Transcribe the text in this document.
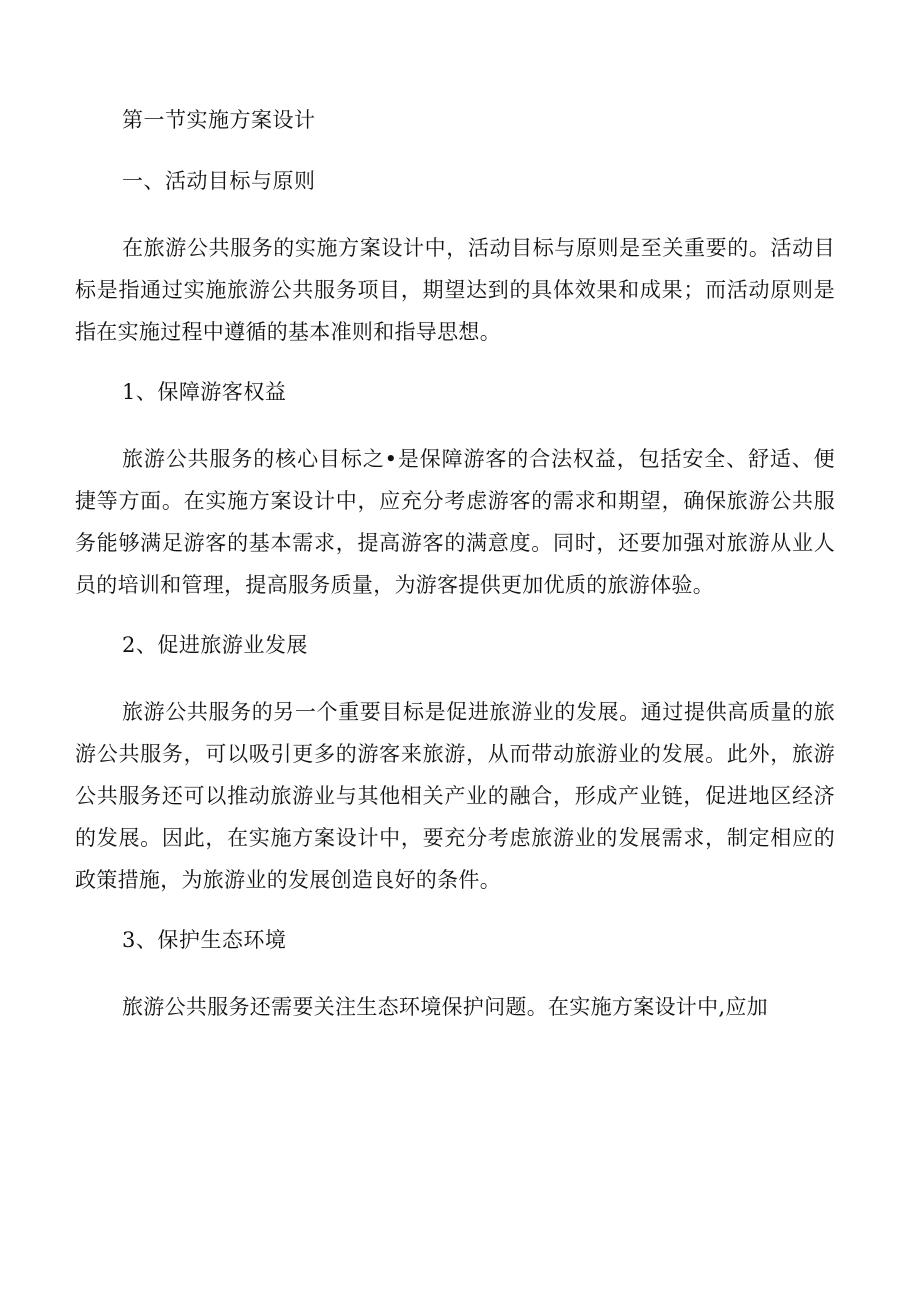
第一节实施方案设计
一、活动目标与原则

在旅游公共服务的实施方案设计中，活动目标与原则是至关重要的。活动目标是指通过实施旅游公共服务项目，期望达到的具体效果和成果；而活动原则是指在实施过程中遵循的基本准则和指导思想。

1、保障游客权益

旅游公共服务的核心目标之•是保障游客的合法权益，包括安全、舒适、便捷等方面。在实施方案设计中，应充分考虑游客的需求和期望，确保旅游公共服务能够满足游客的基本需求，提高游客的满意度。同时，还要加强对旅游从业人员的培训和管理，提高服务质量，为游客提供更加优质的旅游体验。

2、促进旅游业发展

旅游公共服务的另一个重要目标是促进旅游业的发展。通过提供高质量的旅游公共服务，可以吸引更多的游客来旅游，从而带动旅游业的发展。此外，旅游公共服务还可以推动旅游业与其他相关产业的融合，形成产业链，促进地区经济的发展。因此，在实施方案设计中，要充分考虑旅游业的发展需求，制定相应的政策措施，为旅游业的发展创造良好的条件。

3、保护生态环境

旅游公共服务还需要关注生态环境保护问题。在实施方案设计中,应加
